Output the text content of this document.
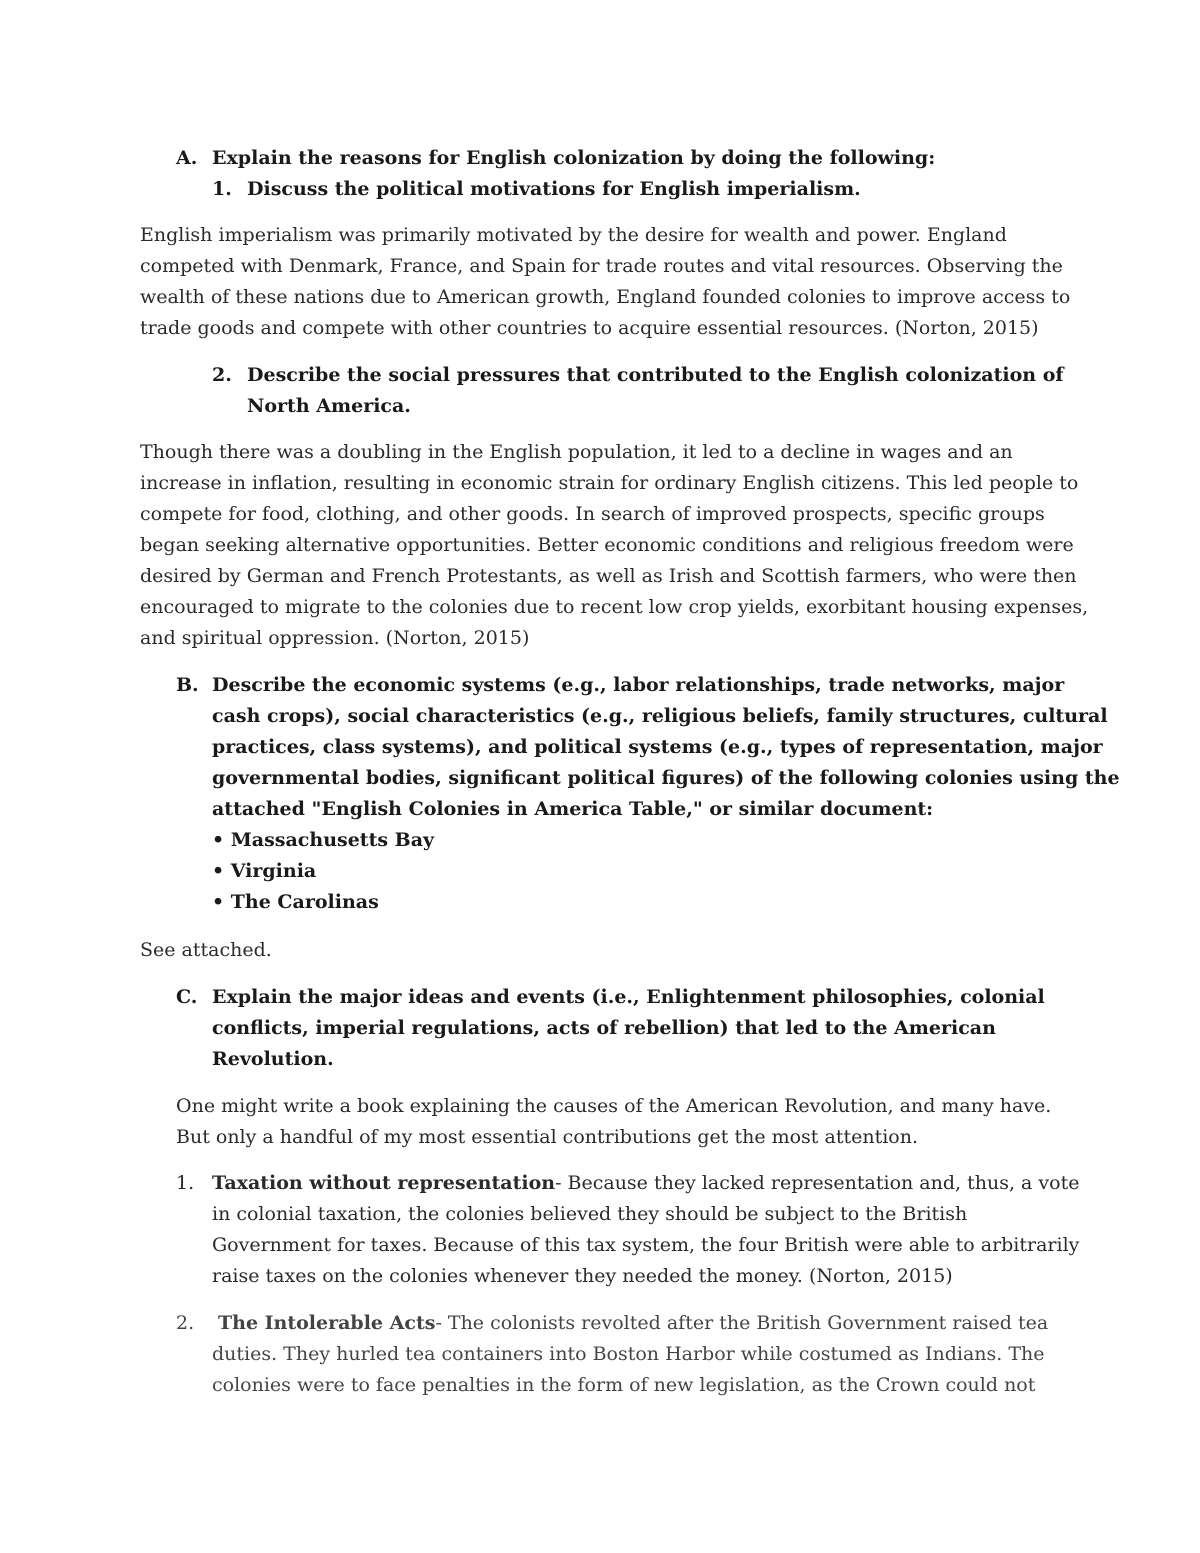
A. Explain the reasons for English colonization by doing the following:
1. Discuss the political motivations for English imperialism.
English imperialism was primarily motivated by the desire for wealth and power. England
competed with Denmark, France, and Spain for trade routes and vital resources. Observing the
wealth of these nations due to American growth, England founded colonies to improve access to
trade goods and compete with other countries to acquire essential resources. (Norton, 2015)
2. Describe the social pressures that contributed to the English colonization of
North America.
Though there was a doubling in the English population, it led to a decline in wages and an
increase in inflation, resulting in economic strain for ordinary English citizens. This led people to
compete for food, clothing, and other goods. In search of improved prospects, specific groups
began seeking alternative opportunities. Better economic conditions and religious freedom were
desired by German and French Protestants, as well as Irish and Scottish farmers, who were then
encouraged to migrate to the colonies due to recent low crop yields, exorbitant housing expenses,
and spiritual oppression. (Norton, 2015)
B. Describe the economic systems (e.g., labor relationships, trade networks, major
cash crops), social characteristics (e.g., religious beliefs, family structures, cultural
practices, class systems), and political systems (e.g., types of representation, major
governmental bodies, significant political figures) of the following colonies using the
attached "English Colonies in America Table," or similar document:
• Massachusetts Bay
• Virginia
• The Carolinas
See attached.
C. Explain the major ideas and events (i.e., Enlightenment philosophies, colonial
conflicts, imperial regulations, acts of rebellion) that led to the American
Revolution.
One might write a book explaining the causes of the American Revolution, and many have.
But only a handful of my most essential contributions get the most attention.
1. Taxation without representation- Because they lacked representation and, thus, a vote
in colonial taxation, the colonies believed they should be subject to the British
Government for taxes. Because of this tax system, the four British were able to arbitrarily
raise taxes on the colonies whenever they needed the money. (Norton, 2015)
2. The Intolerable Acts- The colonists revolted after the British Government raised tea
duties. They hurled tea containers into Boston Harbor while costumed as Indians. The
colonies were to face penalties in the form of new legislation, as the Crown could not
